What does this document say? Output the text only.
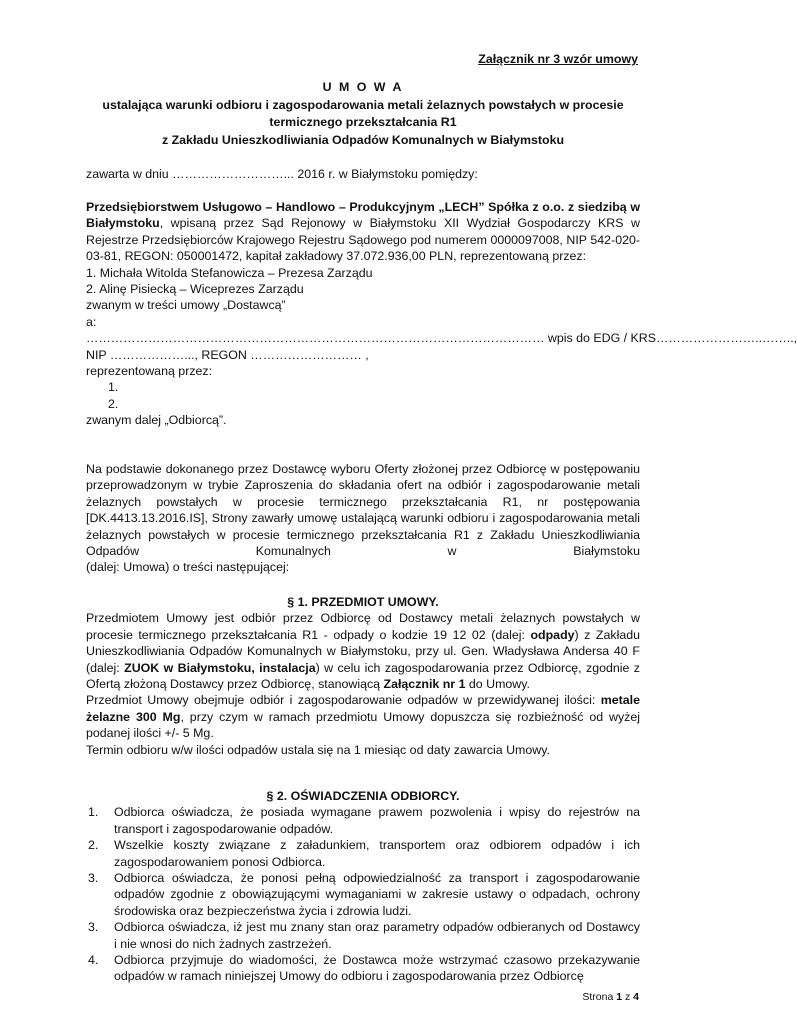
Załącznik nr 3 wzór umowy
U M O W A
ustalająca warunki odbioru i zagospodarowania metali żelaznych powstałych w procesie
termicznego przekształcania R1
z Zakładu Unieszkodliwiania Odpadów Komunalnych w Białymstoku
zawarta w dniu ………………………... 2016 r. w Białymstoku pomiędzy:

Przedsiębiorstwem Usługowo – Handlowo – Produkcyjnym „LECH” Spółka z o.o. z siedzibą w Białymstoku, wpisaną przez Sąd Rejonowy w Białymstoku XII Wydział Gospodarczy KRS w Rejestrze Przedsiębiorców Krajowego Rejestru Sądowego pod numerem 0000097008, NIP 542-020-03-81, REGON: 050001472, kapitał zakładowy 37.072.936,00 PLN, reprezentowaną przez:

1. Michała Witolda Stefanowicza – Prezesa Zarządu

2. Alinę Pisiecką – Wiceprezes Zarządu

zwanym w treści umowy „Dostawcą”

a:

………………………………………………………………………………………………… wpis do EDG / KRS……………………..……..,

NIP ………………..., REGON ……………………… ,

reprezentowaną przez:

1.

2.

zwanym dalej „Odbiorcą”.

Na podstawie dokonanego przez Dostawcę wyboru Oferty złożonej przez Odbiorcę w postępowaniu przeprowadzonym w trybie Zaproszenia do składania ofert na odbiór i zagospodarowanie metali żelaznych powstałych w procesie termicznego przekształcania R1, nr postępowania [DK.4413.13.2016.IS], Strony zawarły umowę ustalającą warunki odbioru i zagospodarowania metali żelaznych powstałych w procesie termicznego przekształcania R1 z Zakładu Unieszkodliwiania Odpadów Komunalnych w Białymstoku

(dalej: Umowa) o treści następującej:

§ 1. PRZEDMIOT UMOWY.

Przedmiotem Umowy jest odbiór przez Odbiorcę od Dostawcy metali żelaznych powstałych w procesie termicznego przekształcania R1 - odpady o kodzie 19 12 02 (dalej: odpady) z Zakładu Unieszkodliwiania Odpadów Komunalnych w Białymstoku, przy ul. Gen. Władysława Andersa 40 F (dalej: ZUOK w Białymstoku, instalacja) w celu ich zagospodarowania przez Odbiorcę, zgodnie z Ofertą złożoną Dostawcy przez Odbiorcę, stanowiącą Załącznik nr 1 do Umowy.

Przedmiot Umowy obejmuje odbiór i zagospodarowanie odpadów w przewidywanej ilości: metale żelazne 300 Mg, przy czym w ramach przedmiotu Umowy dopuszcza się rozbieżność od wyżej podanej ilości +/- 5 Mg.

Termin odbioru w/w ilości odpadów ustala się na 1 miesiąc od daty zawarcia Umowy.

§ 2. OŚWIADCZENIA ODBIORCY.

1. Odbiorca oświadcza, że posiada wymagane prawem pozwolenia i wpisy do rejestrów na transport i zagospodarowanie odpadów.
2. Wszelkie koszty związane z załadunkiem, transportem oraz odbiorem odpadów i ich zagospodarowaniem ponosi Odbiorca.
3. Odbiorca oświadcza, że ponosi pełną odpowiedzialność za transport i zagospodarowanie odpadów zgodnie z obowiązującymi wymaganiami w zakresie ustawy o odpadach, ochrony środowiska oraz bezpieczeństwa życia i zdrowia ludzi.
3. Odbiorca oświadcza, iż jest mu znany stan oraz parametry odpadów odbieranych od Dostawcy i nie wnosi do nich żadnych zastrzeżeń.
4. Odbiorca przyjmuje do wiadomości, że Dostawca może wstrzymać czasowo przekazywanie odpadów w ramach niniejszej Umowy do odbioru i zagospodarowania przez Odbiorcę
Strona 1 z 4
